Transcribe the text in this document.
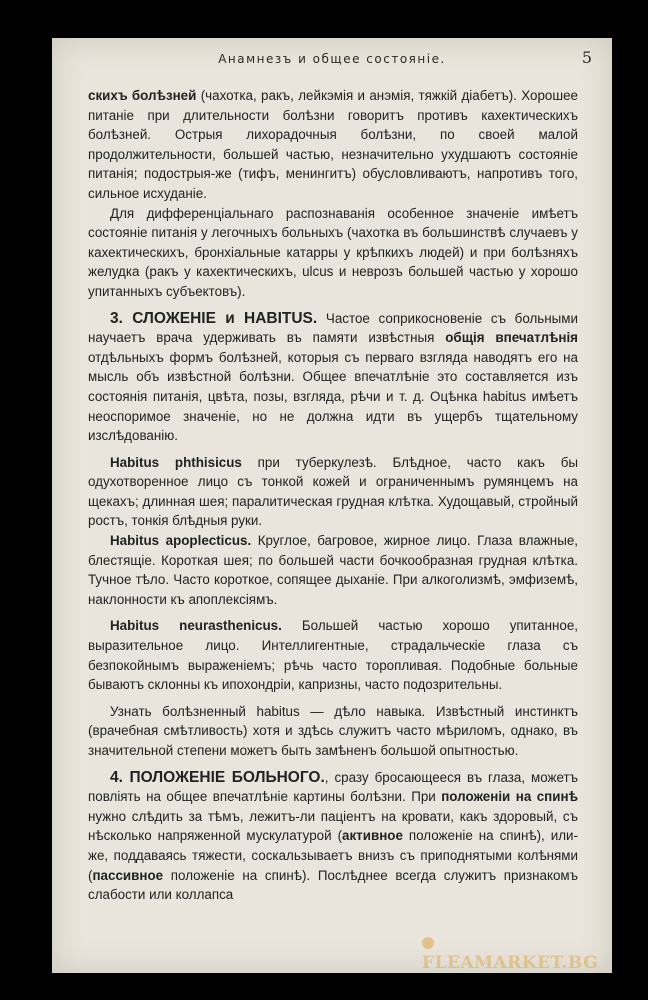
Анамнезъ и общее состояніе.	5

скихъ болѣзней (чахотка, ракъ, лейкэмія и анэмія, тяжкій діабетъ). Хорошее питаніе при длительности болѣзни говоритъ противъ кахектическихъ болѣзней. Острыя лихорадочныя болѣзни, по своей малой продолжительности, большей частью, незначительно ухудшаютъ состояніе питанія; подострыя-же (тифъ, менингитъ) обусловливаютъ, напротивъ того, сильное исхуданіе.

Для дифференціальнаго распознаванія особенное значеніе имѣетъ состояніе питанія у легочныхъ больныхъ (чахотка въ большинствѣ случаевъ у кахектическихъ, бронхіальные катарры у крѣпкихъ людей) и при болѣзняхъ желудка (ракъ у кахектическихъ, ulcus и неврозъ большей частью у хорошо упитанныхъ субъектовъ).

3. СЛОЖЕНІЕ и HABITUS. Частое соприкосновеніе съ больными научаетъ врача удерживать въ памяти извѣстныя общія впечатлѣнія отдѣльныхъ формъ болѣзней, которыя съ перваго взгляда наводятъ его на мысль объ извѣстной болѣзни. Общее впечатлѣніе это составляется изъ состоянія питанія, цвѣта, позы, взгляда, рѣчи и т. д. Оцѣнка habitus имѣетъ неоспоримое значеніе, но не должна идти въ ущербъ тщательному изслѣдованію.

Habitus phthisicus при туберкулезѣ. Блѣдное, часто какъ бы одухотворенное лицо съ тонкой кожей и ограниченнымъ румянцемъ на щекахъ; длинная шея; паралитическая грудная клѣтка. Худощавый, стройный ростъ, тонкія блѣдныя руки.

Habitus apoplecticus. Круглое, багровое, жирное лицо. Глаза влажные, блестящіе. Короткая шея; по большей части бочкообразная грудная клѣтка. Тучное тѣло. Часто короткое, сопящее дыханіе. При алкоголизмѣ, эмфиземѣ, наклонности къ апоплексіямъ.

Habitus neurasthenicus. Большей частью хорошо упитанное, выразительное лицо. Интеллигентные, страдальческіе глаза съ безпокойнымъ выраженіемъ; рѣчь часто торопливая. Подобные больные бываютъ склонны къ ипохондріи, капризны, часто подозрительны.

Узнать болѣзненный habitus — дѣло навыка. Извѣстный инстинктъ (врачебная смѣтливость) хотя и здѣсь служитъ часто мѣриломъ, однако, въ значительной степени можетъ быть замѣненъ большой опытностью.

4. ПОЛОЖЕНІЕ БОЛЬНОГО., сразу бросающееся въ глаза, можетъ повліять на общее впечатлѣніе картины болѣзни. При положеніи на спинѣ нужно слѣдить за тѣмъ, лежитъ-ли паціентъ на кровати, какъ здоровый, съ нѣсколько напряженной мускулатурой (активное положеніе на спинѣ), или-же, поддаваясь тяжести, соскальзываетъ внизъ съ приподнятыми колѣнями (пассивное положеніе на спинѣ). Послѣднее всегда служитъ признакомъ слабости или коллапса

FLEAMARKET.BG
